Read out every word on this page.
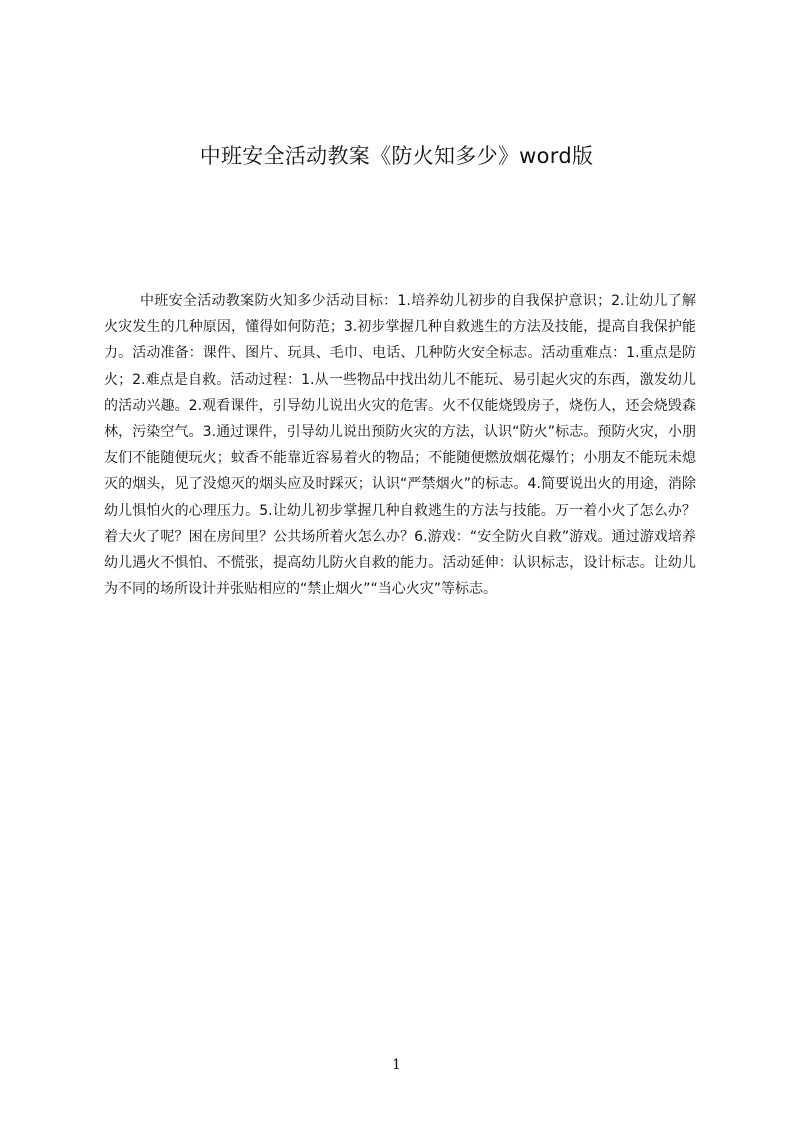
中班安全活动教案《防火知多少》word版

中班安全活动教案防火知多少活动目标：1.培养幼儿初步的自我保护意识；2.让幼儿了解火灾发生的几种原因，懂得如何防范；3.初步掌握几种自救逃生的方法及技能，提高自我保护能力。活动准备：课件、图片、玩具、毛巾、电话、几种防火安全标志。活动重难点：1.重点是防火；2.难点是自救。活动过程：1.从一些物品中找出幼儿不能玩、易引起火灾的东西，激发幼儿的活动兴趣。2.观看课件，引导幼儿说出火灾的危害。火不仅能烧毁房子，烧伤人，还会烧毁森林，污染空气。3.通过课件，引导幼儿说出预防火灾的方法，认识“防火”标志。预防火灾，小朋友们不能随便玩火；蚊香不能靠近容易着火的物品；不能随便燃放烟花爆竹；小朋友不能玩未熄灭的烟头，见了没熄灭的烟头应及时踩灭；认识“严禁烟火”的标志。4.简要说出火的用途，消除幼儿惧怕火的心理压力。5.让幼儿初步掌握几种自救逃生的方法与技能。万一着小火了怎么办？着大火了呢？困在房间里？公共场所着火怎么办？6.游戏：“安全防火自救”游戏。通过游戏培养幼儿遇火不惧怕、不慌张，提高幼儿防火自救的能力。活动延伸：认识标志，设计标志。让幼儿为不同的场所设计并张贴相应的“禁止烟火”“当心火灾”等标志。

1
